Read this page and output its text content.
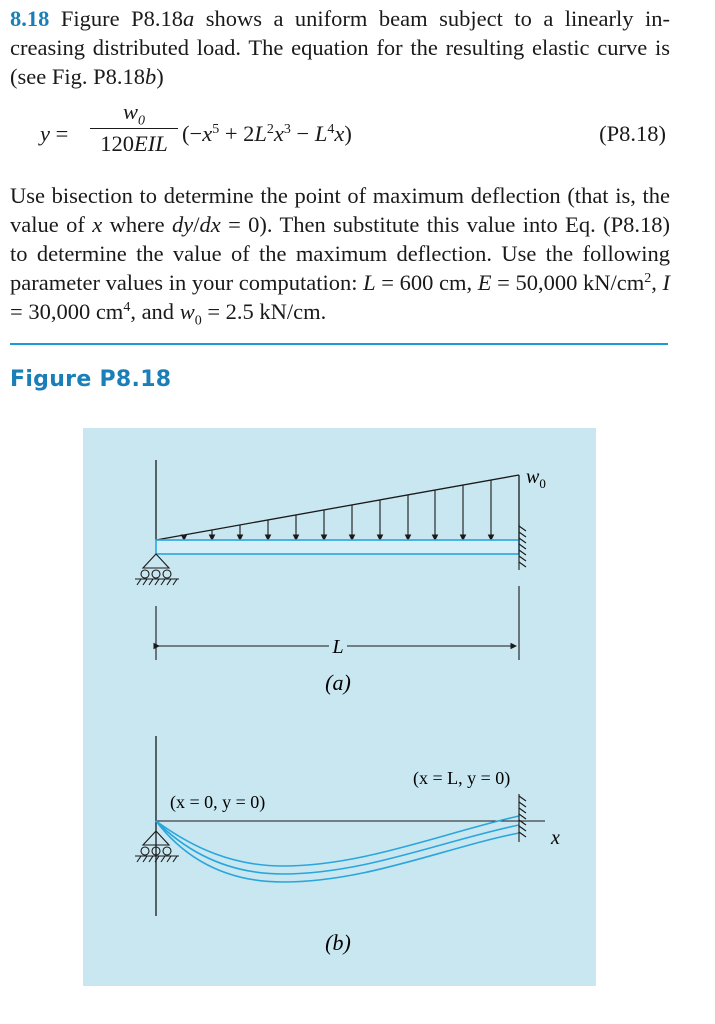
8.18 Figure P8.18a shows a uniform beam subject to a linearly in-creasing distributed load. The equation for the resulting elastic curve is (see Fig. P8.18b)

y =
$w_0$
120EIL $(-x^5 + 2L^2x^3 - L^4x)$	(P8.18)

Use bisection to determine the point of maximum deflection (that is, the value of x where dy/dx = 0). Then substitute this value into Eq. (P8.18) to determine the value of the maximum deflection. Use the following parameter values in your computation: L = 600 cm, E = 50,000 $kN/cm^2$, I = 30,000 $cm^4$, and $w_0 = 2.5$ kN/cm.

Figure P8.18
L
$w_0$
(a)
(x = 0, y = 0)
(x = L, y = 0)
x
(b)
